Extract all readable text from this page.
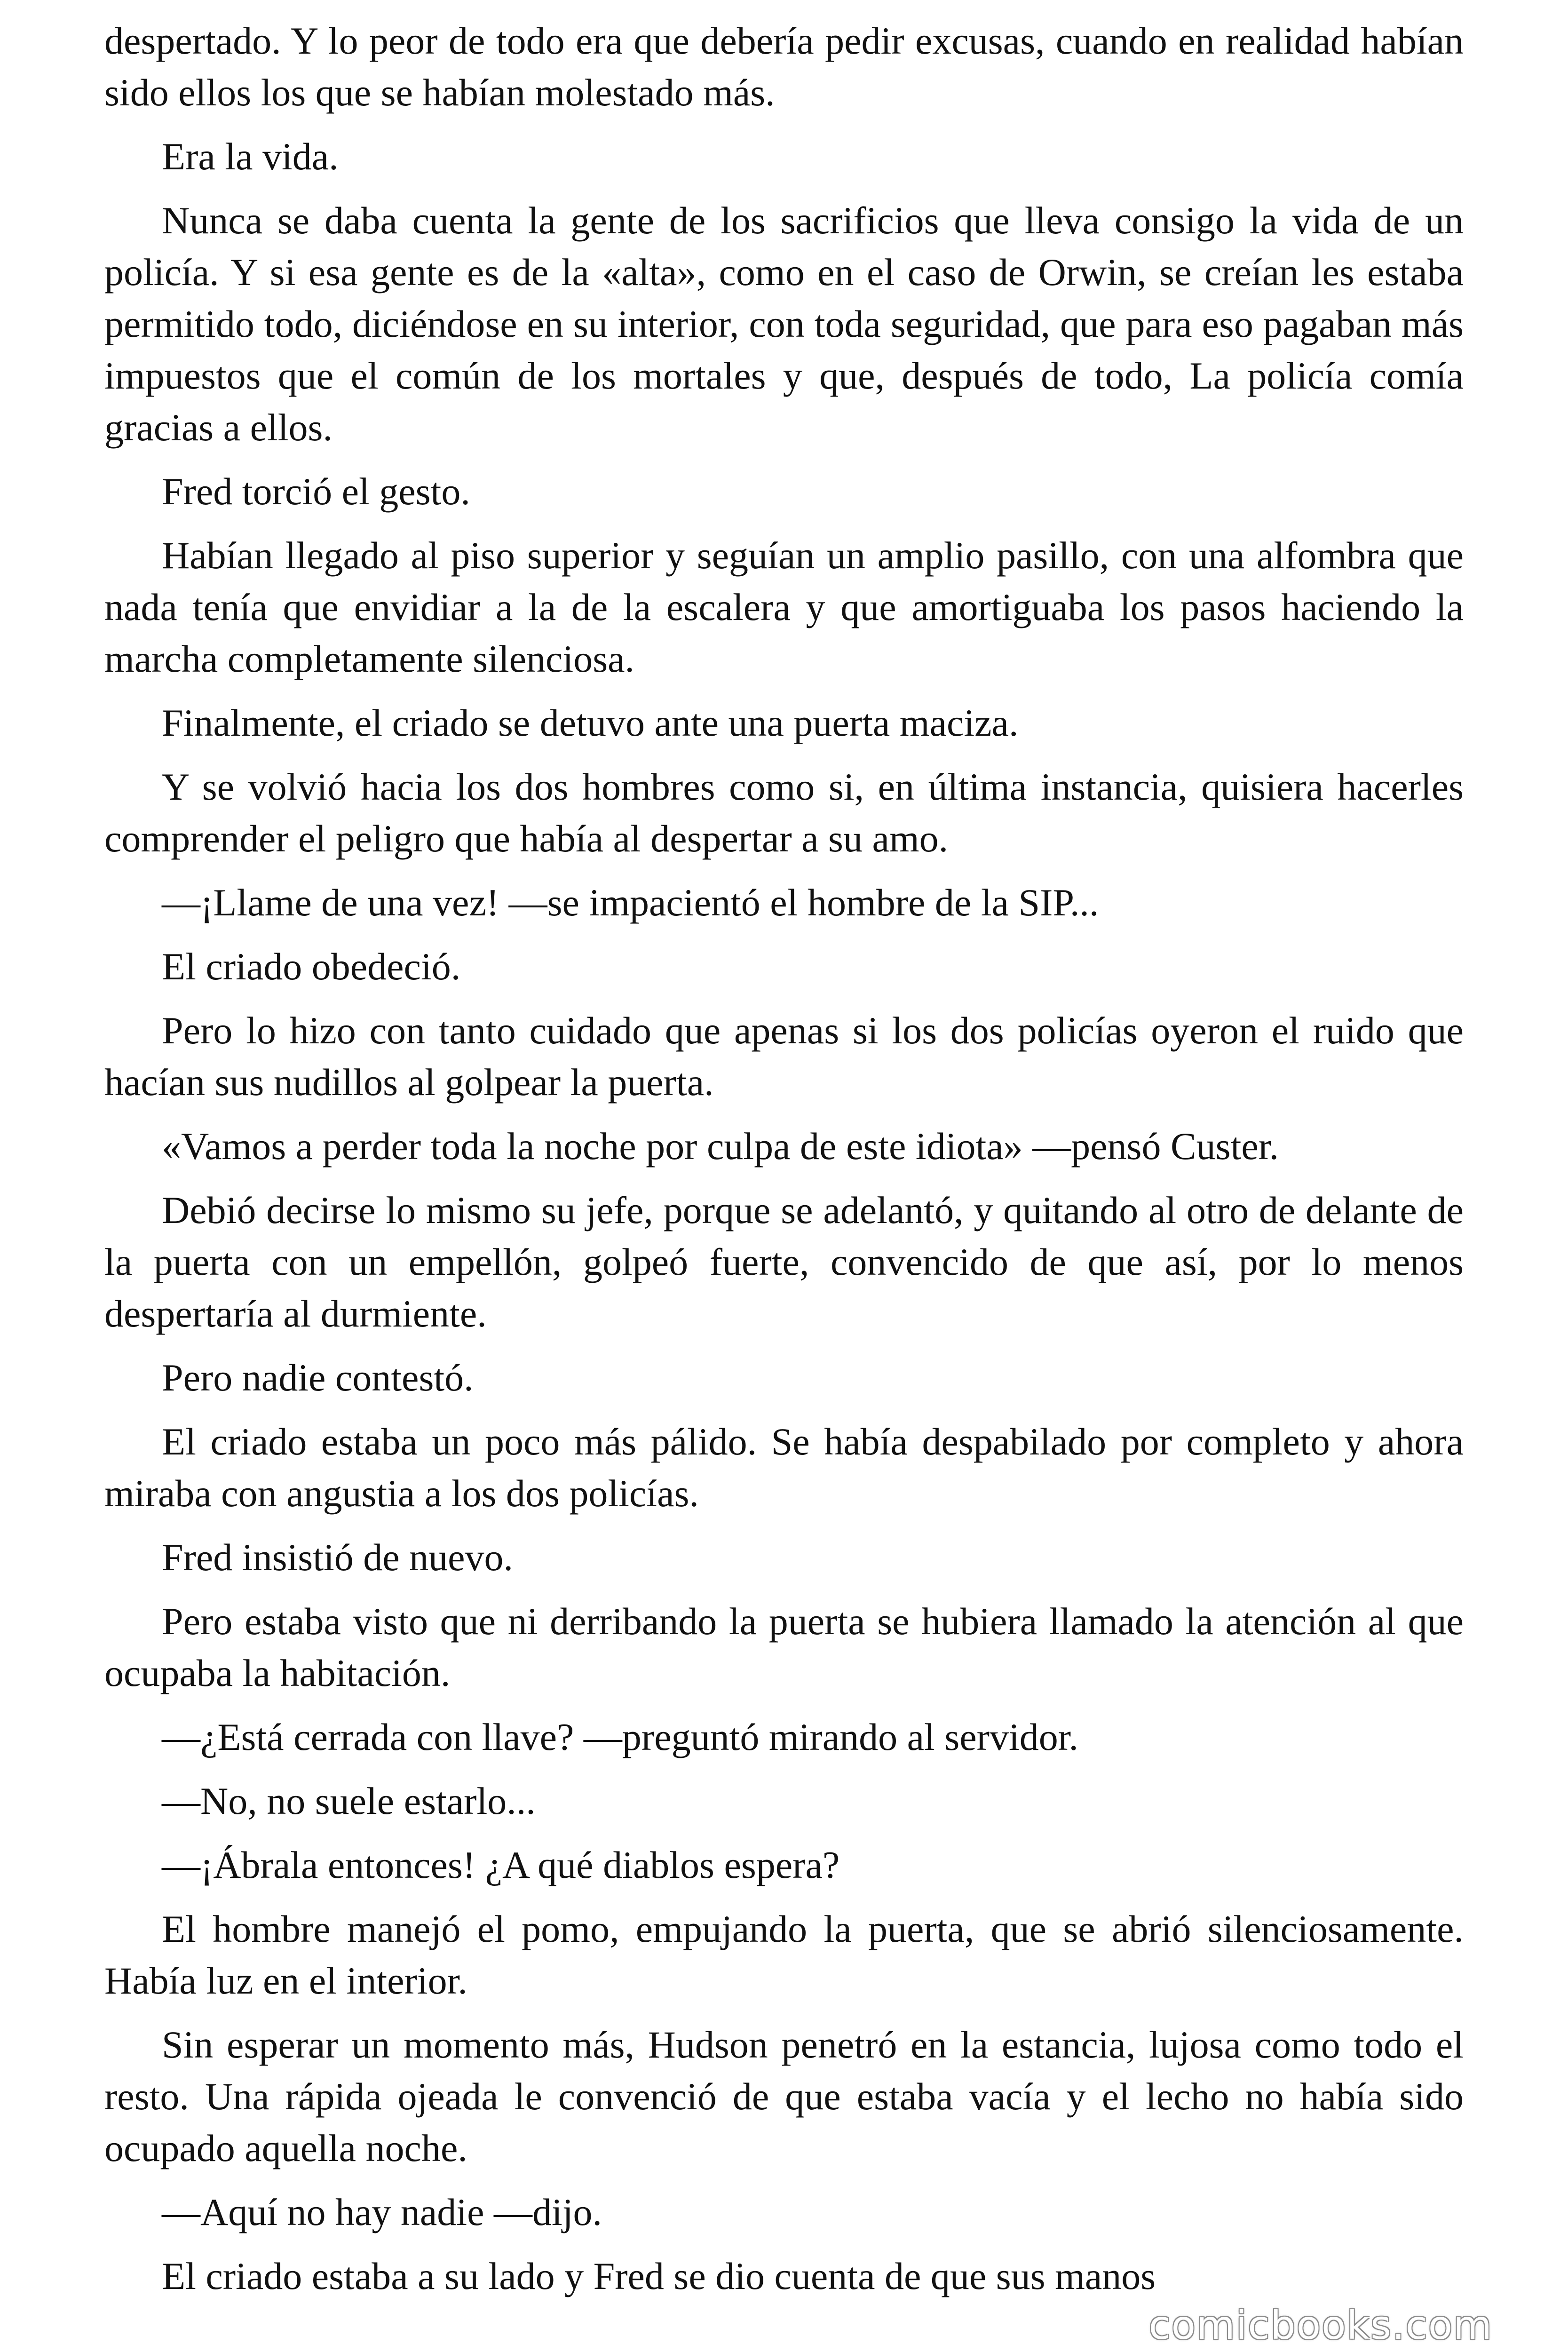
despertado. Y lo peor de todo era que debería pedir excusas, cuando en realidad habían sido ellos los que se habían molestado más.

Era la vida.

Nunca se daba cuenta la gente de los sacrificios que lleva consigo la vida de un policía. Y si esa gente es de la «alta», como en el caso de Orwin, se creían les estaba permitido todo, diciéndose en su interior, con toda seguridad, que para eso pagaban más impuestos que el común de los mortales y que, después de todo, La policía comía gracias a ellos.

Fred torció el gesto.

Habían llegado al piso superior y seguían un amplio pasillo, con una alfombra que nada tenía que envidiar a la de la escalera y que amortiguaba los pasos haciendo la marcha completamente silenciosa.

Finalmente, el criado se detuvo ante una puerta maciza.

Y se volvió hacia los dos hombres como si, en última instancia, quisiera hacerles comprender el peligro que había al despertar a su amo.

—¡Llame de una vez! —se impacientó el hombre de la SIP...

El criado obedeció.

Pero lo hizo con tanto cuidado que apenas si los dos policías oyeron el ruido que hacían sus nudillos al golpear la puerta.

«Vamos a perder toda la noche por culpa de este idiota» —pensó Custer.

Debió decirse lo mismo su jefe, porque se adelantó, y quitando al otro de delante de la puerta con un empellón, golpeó fuerte, convencido de que así, por lo menos despertaría al durmiente.

Pero nadie contestó.

El criado estaba un poco más pálido. Se había despabilado por completo y ahora miraba con angustia a los dos policías.

Fred insistió de nuevo.

Pero estaba visto que ni derribando la puerta se hubiera llamado la atención al que ocupaba la habitación.

—¿Está cerrada con llave? —preguntó mirando al servidor.

—No, no suele estarlo...

—¡Ábrala entonces! ¿A qué diablos espera?

El hombre manejó el pomo, empujando la puerta, que se abrió silenciosamente. Había luz en el interior.

Sin esperar un momento más, Hudson penetró en la estancia, lujosa como todo el resto. Una rápida ojeada le convenció de que estaba vacía y el lecho no había sido ocupado aquella noche.

—Aquí no hay nadie —dijo.

El criado estaba a su lado y Fred se dio cuenta de que sus manos

comicbooks.com
